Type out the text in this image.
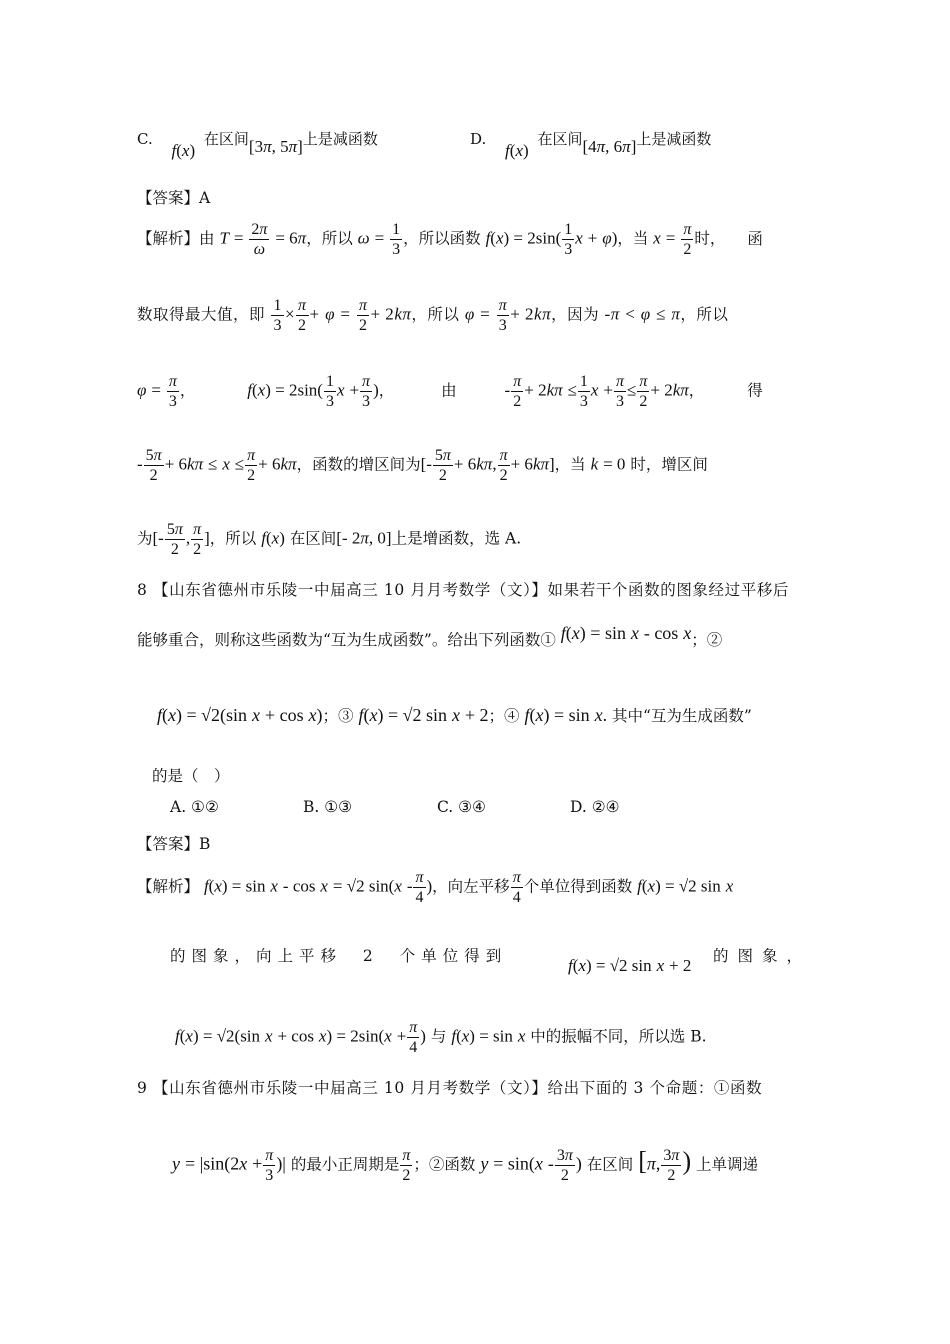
C. f(x) 在区间[3π, 5π]上是减函数	D. f(x) 在区间[4π, 6π]上是减函数
【答案】A
【解析】由 $T = \frac{2\pi}{\omega} = 6\pi$，所以 $\omega = \frac{1}{3}$ ，所以函数 $f(x) = 2\sin( \frac{1}{3}$ x + φ)，当 $x = \frac{\pi}{2}$ 时， 函
数取得最大值，即 $\frac{1}{3} \times \frac{\pi}{2} + \varphi = \frac{\pi}{2} + 2k\pi$，所以 $\varphi = \frac{\pi}{3} + 2k\pi$，因为 -π < φ ≤ π，所以
$\varphi = \frac{\pi}{3}$ ，	$f(x) = 2\sin( \frac{1}{3}$ $x + \frac{\pi}{3}$ )，	由	- $\frac{\pi}{2} + 2k\pi \le \frac{1}{3}$ $x + \frac{\pi}{3} \le \frac{\pi}{2} + 2k\pi$， 得
- $\frac{5\pi}{2} + 6k\pi \le x \le \frac{\pi}{2} + 6k\pi$，函数的增区间为[- $\frac{5\pi}{2} + 6k\pi$, $\frac{\pi}{2} + 6k\pi$]，当 k = 0 时，增区间
为[- $\frac{5\pi}{2}$ , $\frac{\pi}{2}$ ]，所以 f(x) 在区间[- 2π, 0]上是增函数，选 A.
8 【山东省德州市乐陵一中届高三 10 月月考数学（文）】如果若干个函数的图象经过平移后
能够重合，则称这些函数为“互为生成函数”。给出下列函数① f(x) = sin x - cos x；②
f(x) = √2(sin x + cos x)；③ f(x) = √2 sin x + 2；④ f(x) = sin x. 其中“互为生成函数”
的是（　）
A. ①②	B. ①③	C. ③④	D. ②④
【答案】B
【解析】 f(x) = sin x - cos x = √2 $\sin(x - \frac{\pi}{4}$ )，向左平移 $\frac{\pi}{4}$ 个单位得到函数 f(x) = √2 sin x
的图象，向上平移 2 个单位得到	f(x) = √2 sin x + 2 的图象，
f(x) = √2(sin $x + \cos x) = 2\sin(x + \frac{\pi}{4}$ ) 与 f(x) = sin x 中的振幅不同，所以选 B.
9 【山东省德州市乐陵一中届高三 10 月月考数学（文）】给出下面的 3 个命题：①函数
$y = |\sin(2x + \frac{\pi}{3}$ )| 的最小正周期是 $\frac{\pi}{2}$ ；②函数 $y = \sin(x - \frac{3\pi}{2}$ ) 在区间 [π, $\frac{3\pi}{2}$ ) 上单调递
